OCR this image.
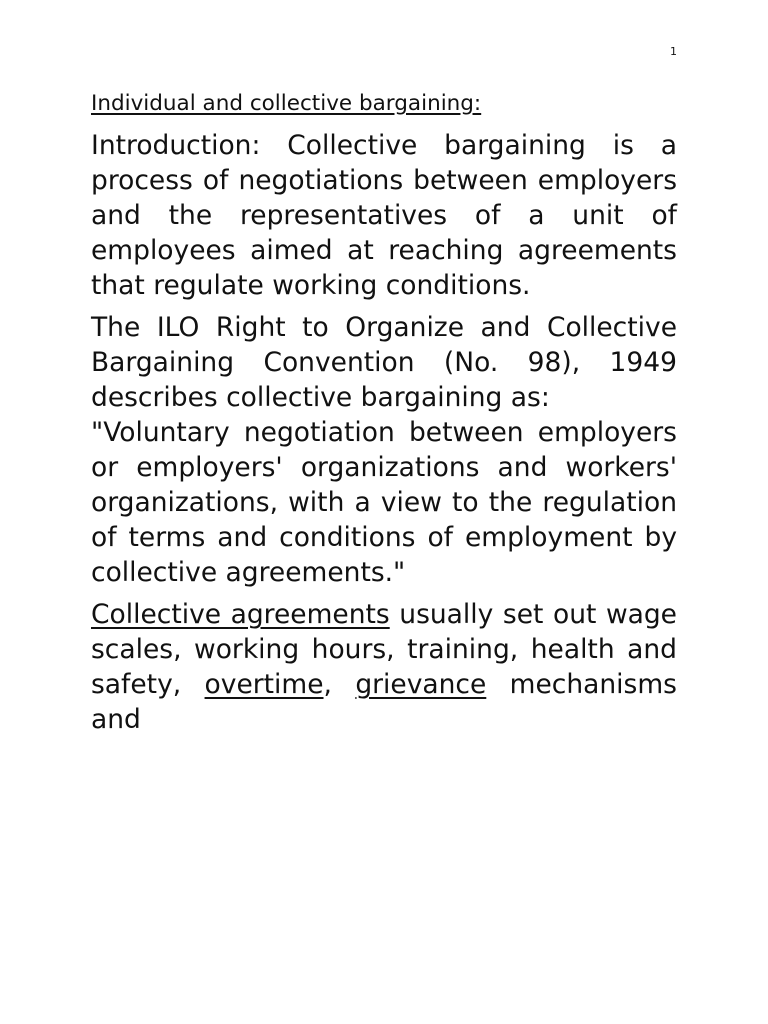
1
Individual and collective bargaining:

Introduction: Collective bargaining is a process of negotiations between employers and the representatives of a unit of employees aimed at reaching agreements that regulate working conditions.

The ILO Right to Organize and Collective Bargaining Convention (No. 98), 1949 describes collective bargaining as:

"Voluntary negotiation between employers or employers' organizations and workers' organizations, with a view to the regulation of terms and conditions of employment by collective agreements."

Collective agreements usually set out wage scales, working hours, training, health and safety, overtime, grievance mechanisms and
